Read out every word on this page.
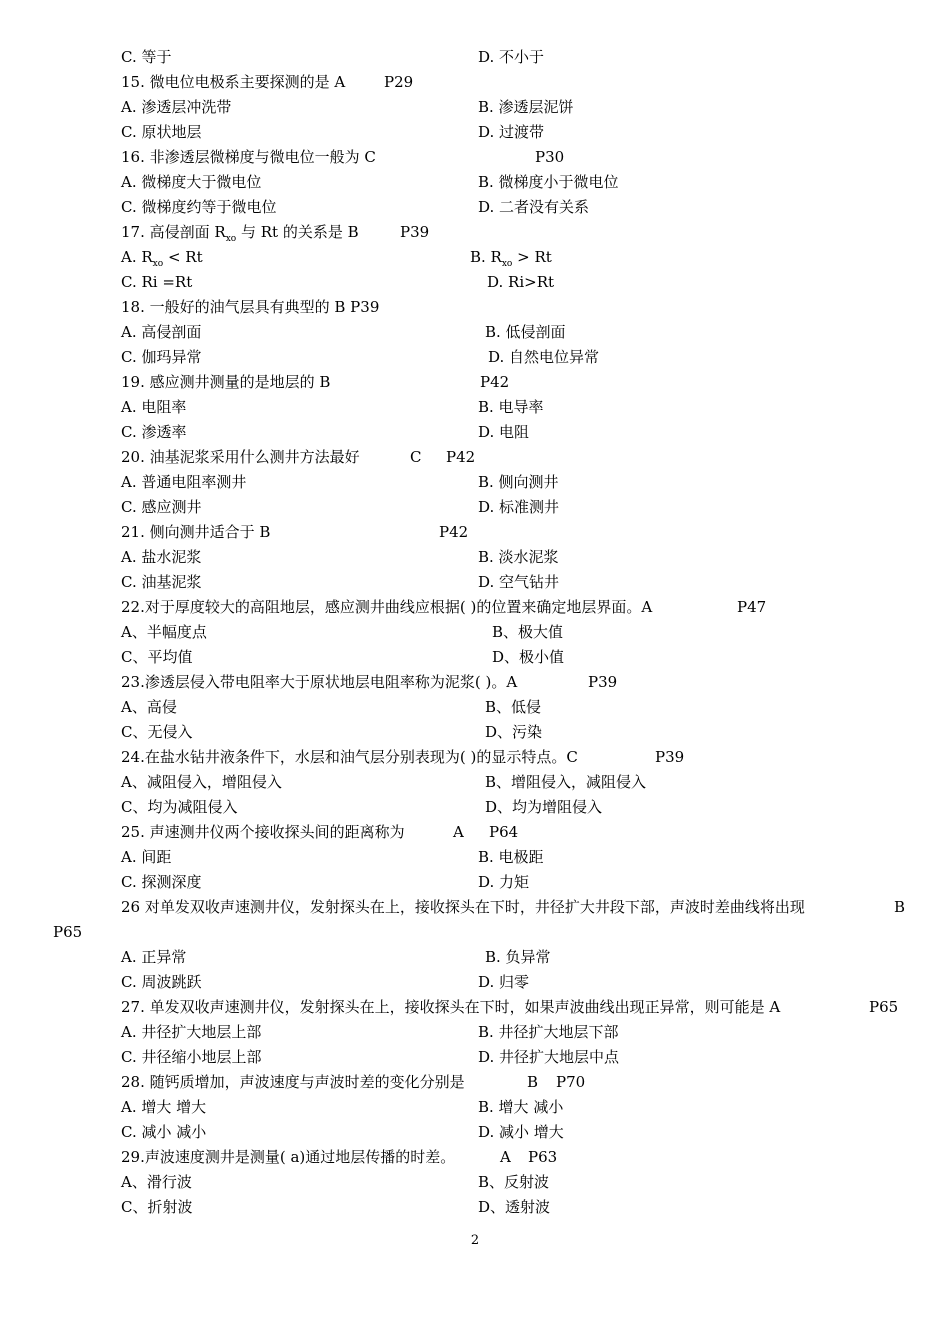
C. 等于	D. 不小于
15. 微电位电极系主要探测的是 A	P29
A. 渗透层冲洗带	B. 渗透层泥饼
C. 原状地层	D. 过渡带
16. 非渗透层微梯度与微电位一般为 C	P30
A. 微梯度大于微电位	B. 微梯度小于微电位
C. 微梯度约等于微电位	D. 二者没有关系
17. 高侵剖面 $R_{xo}$ 与 Rt 的关系是 B	P39
A. $R_{xo} < Rt$	B. $R_{xo} > Rt$
C. Ri =Rt	D. Ri>Rt
18. 一般好的油气层具有典型的 B P39
A. 高侵剖面	B. 低侵剖面
C. 伽玛异常	D. 自然电位异常
19. 感应测井测量的是地层的 B	P42
A. 电阻率	B. 电导率
C. 渗透率	D. 电阻
20. 油基泥浆采用什么测井方法最好	C P42
A. 普通电阻率测井	B. 侧向测井
C. 感应测井	D. 标准测井
21. 侧向测井适合于 B	P42
A. 盐水泥浆	B. 淡水泥浆
C. 油基泥浆	D. 空气钻井
22.对于厚度较大的高阻地层，感应测井曲线应根据( )的位置来确定地层界面。A	P47
A、半幅度点	B、极大值
C、平均值	D、极小值
23.渗透层侵入带电阻率大于原状地层电阻率称为泥浆( )。A	P39
A、高侵	B、低侵
C、无侵入	D、污染
24.在盐水钻井液条件下，水层和油气层分别表现为( )的显示特点。C	P39
A、减阻侵入，增阻侵入	B、增阻侵入，减阻侵入
C、均为减阻侵入	D、均为增阻侵入
25. 声速测井仪两个接收探头间的距离称为	A P64
A. 间距	B. 电极距
C. 探测深度	D. 力矩
26 对单发双收声速测井仪，发射探头在上，接收探头在下时，井径扩大井段下部，声波时差曲线将出现	B
P65
A. 正异常	B. 负异常
C. 周波跳跃	D. 归零
27. 单发双收声速测井仪，发射探头在上，接收探头在下时，如果声波曲线出现正异常，则可能是 A	P65
A. 井径扩大地层上部	B. 井径扩大地层下部
C. 井径缩小地层上部	D. 井径扩大地层中点
28. 随钙质增加，声波速度与声波时差的变化分别是	B P70
A. 增大 增大	B. 增大 减小
C. 减小 减小	D. 减小 增大
29.声波速度测井是测量( a)通过地层传播的时差。	A P63
A、滑行波	B、反射波
C、折射波	D、透射波
2
